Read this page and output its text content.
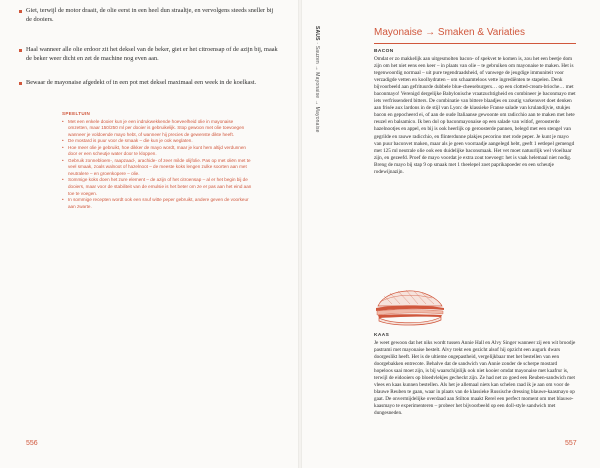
Giet, terwijl de motor draait, de olie eerst in een heel dun straaltje, en vervolgens steeds sneller bij de dooiers.
Haal wanneer alle olie erdoor zit het deksel van de beker, giet er het citroensap of de azijn bij, maak de beker weer dicht en zet de machine nog even aan.
Bewaar de mayonaise afgedekt of in een pot met deksel maximaal een week in de koelkast.
SPEELTUIN
• Met een enkele dooier kun je een indrukwekkende hoeveelheid olie in mayonaise omzetten, maar 150/250 ml per dooier is gebruikelijk. Stop gewoon met olie toevoegen wanneer je voldoende mayo hebt, of wanneer hij precies de gewenste dikte heeft.
• De mostard is puur voor de smaak – die kun je ook weglaten.
• Hoe meer olie je gebruikt, hoe dikker de mayo wordt, maar je kunt hem altijd verdunnen door er een scheutje water door te kloppen.
• Gebruik zonnebloem-, raapzaad-, arachide- of zeer milde olijfolie. Pas op met oliën met te veel smaak, zoals walnoot of hazelnoot – de meeste koks lengen zulke soorten aan met neutralere – en groenkopere – olie.
• Sommige koks doen het zure element – de azijn of het citroensap – al er het begin bij de dooiers, maar voor de stabiliteit van de emulsie is het beter om ze er pas aan het eind aan toe te voegen.
• In sommige recepten wordt ook een snuf witte peper gebruikt, andere geven de voorkeur aan zwarte.
556
SAUS · Sauzen → Mayonaise → Mayonaise
Mayonaise → Smaken & Variaties
BACON
Omdat er zo makkelijk aan uitgesmolten bacon- of spekvet te komen is, zou het een beetje dom zijn om het niet eens een keer – in plaats van olie – te gebruiken om mayonaise te maken. Het is tegenwoordig normaal – uit pure tegendraadsheid, of vanwege de jeugdige immuniteit voor verzadigde vetten en koolhydraten – om schaamteloos vette ingrediënten te stapelen. Denk bijvoorbeeld aan gefrituurde dubbele blue-cheeseburgers… op een clotted-cream-brioche… met baconmayo! Verenigd dergelijke Babylonische vraatzuchtigheid en combineer je baconmayo met iets verfrissenderd bitters. De combinatie van bittere blaadjes en zoutig varkensvet doet denken aan frisée aux lardons in de stijl van Lyon: de klassieke Franse salade van krulandijvie, stukjes bacon en gepocheerd ei, of aan de oude Italiaanse gewoonte om radicchio aan te maken met hete reuzel en balsamico. Ik ben dol op baconmayonaise op een salade van witlof, geroosterde hazelnootjes en appel, en bij is ook heerlijk op geroosterde pannen, belegd met een stengel van gegrilde en rauwe radicchio, en flinterdunne plakjes pecorino met rode peper. Je kunt je mayo van puur baconvet maken, maar als je geen voorraadje aangelegd hebt, geeft 1 eetlepel gemengd met 125 ml neutrale olie ook een duidelijke baconsmaak. Het vet moet natuurlijk wel vloeibaar zijn, en gezeefd. Proef de mayo voordat je extra zout toevoegt: het is vaak helemaal niet nodig. Breng de mayo bij stap 9 op smaak met 1 theelepel zoet paprikapoeder en een scheutje rodewijnazijn.
KAAS
Je weet gewoon dat het niks wordt tussen Annie Hall en Alvy Singer wanneer zij een wit broodje pastrami met mayonaise bestelt. Alvy trekt een gezicht alsof hij opzicht een augurk dwars doorgeslikt heeft. Het is de ultieme ongepastheid, vergelijkbaar met het bestellen van een doorgebakken entrecote. Behalve dat de sandwich van Annie zonder de scherpe mostard hopeloos saai moet zijn, is bij waarschijnlijk ook niet kooier omdat mayonaise met kaafrur is, terwijl de eidooiers op bloedvlekjes gecheckt zijn. Ze had net zo goed een Reuben-sandwich met vlees en kaas kunnen bestellen. Als het je allemaal niets kan schelen raad ik je aan om voor de blauwe Reuben te gaan, waar in plaats van de klassieke Russische dressing blauwe-kaasmayo op gaat. De onvermijdelijke overdaad aan Stilton maakt Rerel een perfect moment om met blauwe-kaasmayo te experimenteren – probeer het bijvoorbeeld op een doll-style sandwich met dungesneden.
557
